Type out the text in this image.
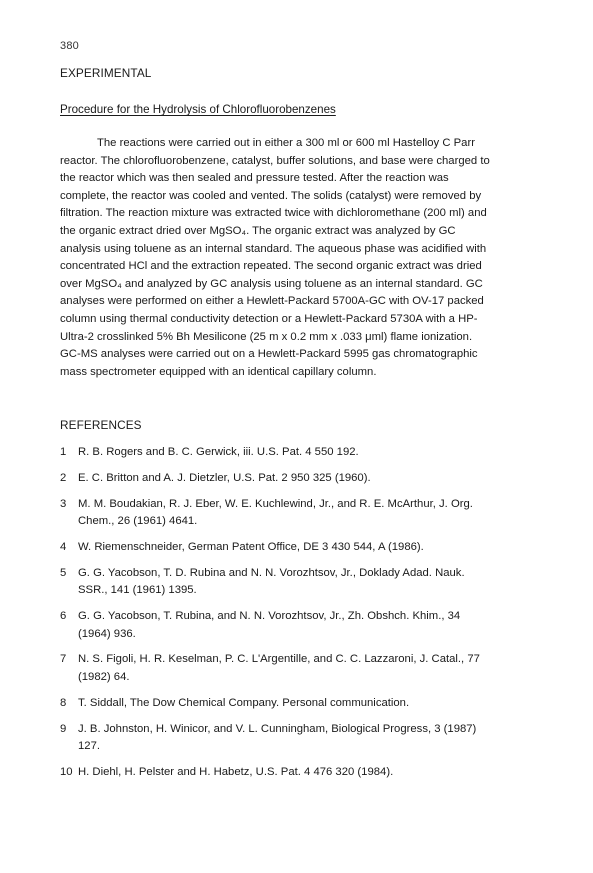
380
EXPERIMENTAL
Procedure for the Hydrolysis of Chlorofluorobenzenes

The reactions were carried out in either a 300 ml or 600 ml Hastelloy C Parr
reactor. The chlorofluorobenzene, catalyst, buffer solutions, and base were charged to
the reactor which was then sealed and pressure tested. After the reaction was
complete, the reactor was cooled and vented. The solids (catalyst) were removed by
filtration. The reaction mixture was extracted twice with dichloromethane (200 ml) and
the organic extract dried over MgSO₄. The organic extract was analyzed by GC
analysis using toluene as an internal standard. The aqueous phase was acidified with
concentrated HCl and the extraction repeated. The second organic extract was dried
over MgSO₄ and analyzed by GC analysis using toluene as an internal standard. GC
analyses were performed on either a Hewlett-Packard 5700A-GC with OV-17 packed
column using thermal conductivity detection or a Hewlett-Packard 5730A with a HP-
Ultra-2 crosslinked 5% Bh Mesilicone (25 m x 0.2 mm x .033 μml) flame ionization.
GC-MS analyses were carried out on a Hewlett-Packard 5995 gas chromatographic
mass spectrometer equipped with an identical capillary column.

REFERENCES
1	R. B. Rogers and B. C. Gerwick, iii. U.S. Pat. 4 550 192.
2	E. C. Britton and A. J. Dietzler, U.S. Pat. 2 950 325 (1960).
3	M. M. Boudakian, R. J. Eber, W. E. Kuchlewind, Jr., and R. E. McArthur, J. Org.
Chem., 26 (1961) 4641.
4	W. Riemenschneider, German Patent Office, DE 3 430 544, A (1986).
5	G. G. Yacobson, T. D. Rubina and N. N. Vorozhtsov, Jr., Doklady Adad. Nauk.
SSR., 141 (1961) 1395.
6	G. G. Yacobson, T. Rubina, and N. N. Vorozhtsov, Jr., Zh. Obshch. Khim., 34
(1964) 936.
7	N. S. Figoli, H. R. Keselman, P. C. L'Argentille, and C. C. Lazzaroni, J. Catal., 77
(1982) 64.
8	T. Siddall, The Dow Chemical Company. Personal communication.
9	J. B. Johnston, H. Winicor, and V. L. Cunningham, Biological Progress, 3 (1987)
127.
10 H. Diehl, H. Pelster and H. Habetz, U.S. Pat. 4 476 320 (1984).
